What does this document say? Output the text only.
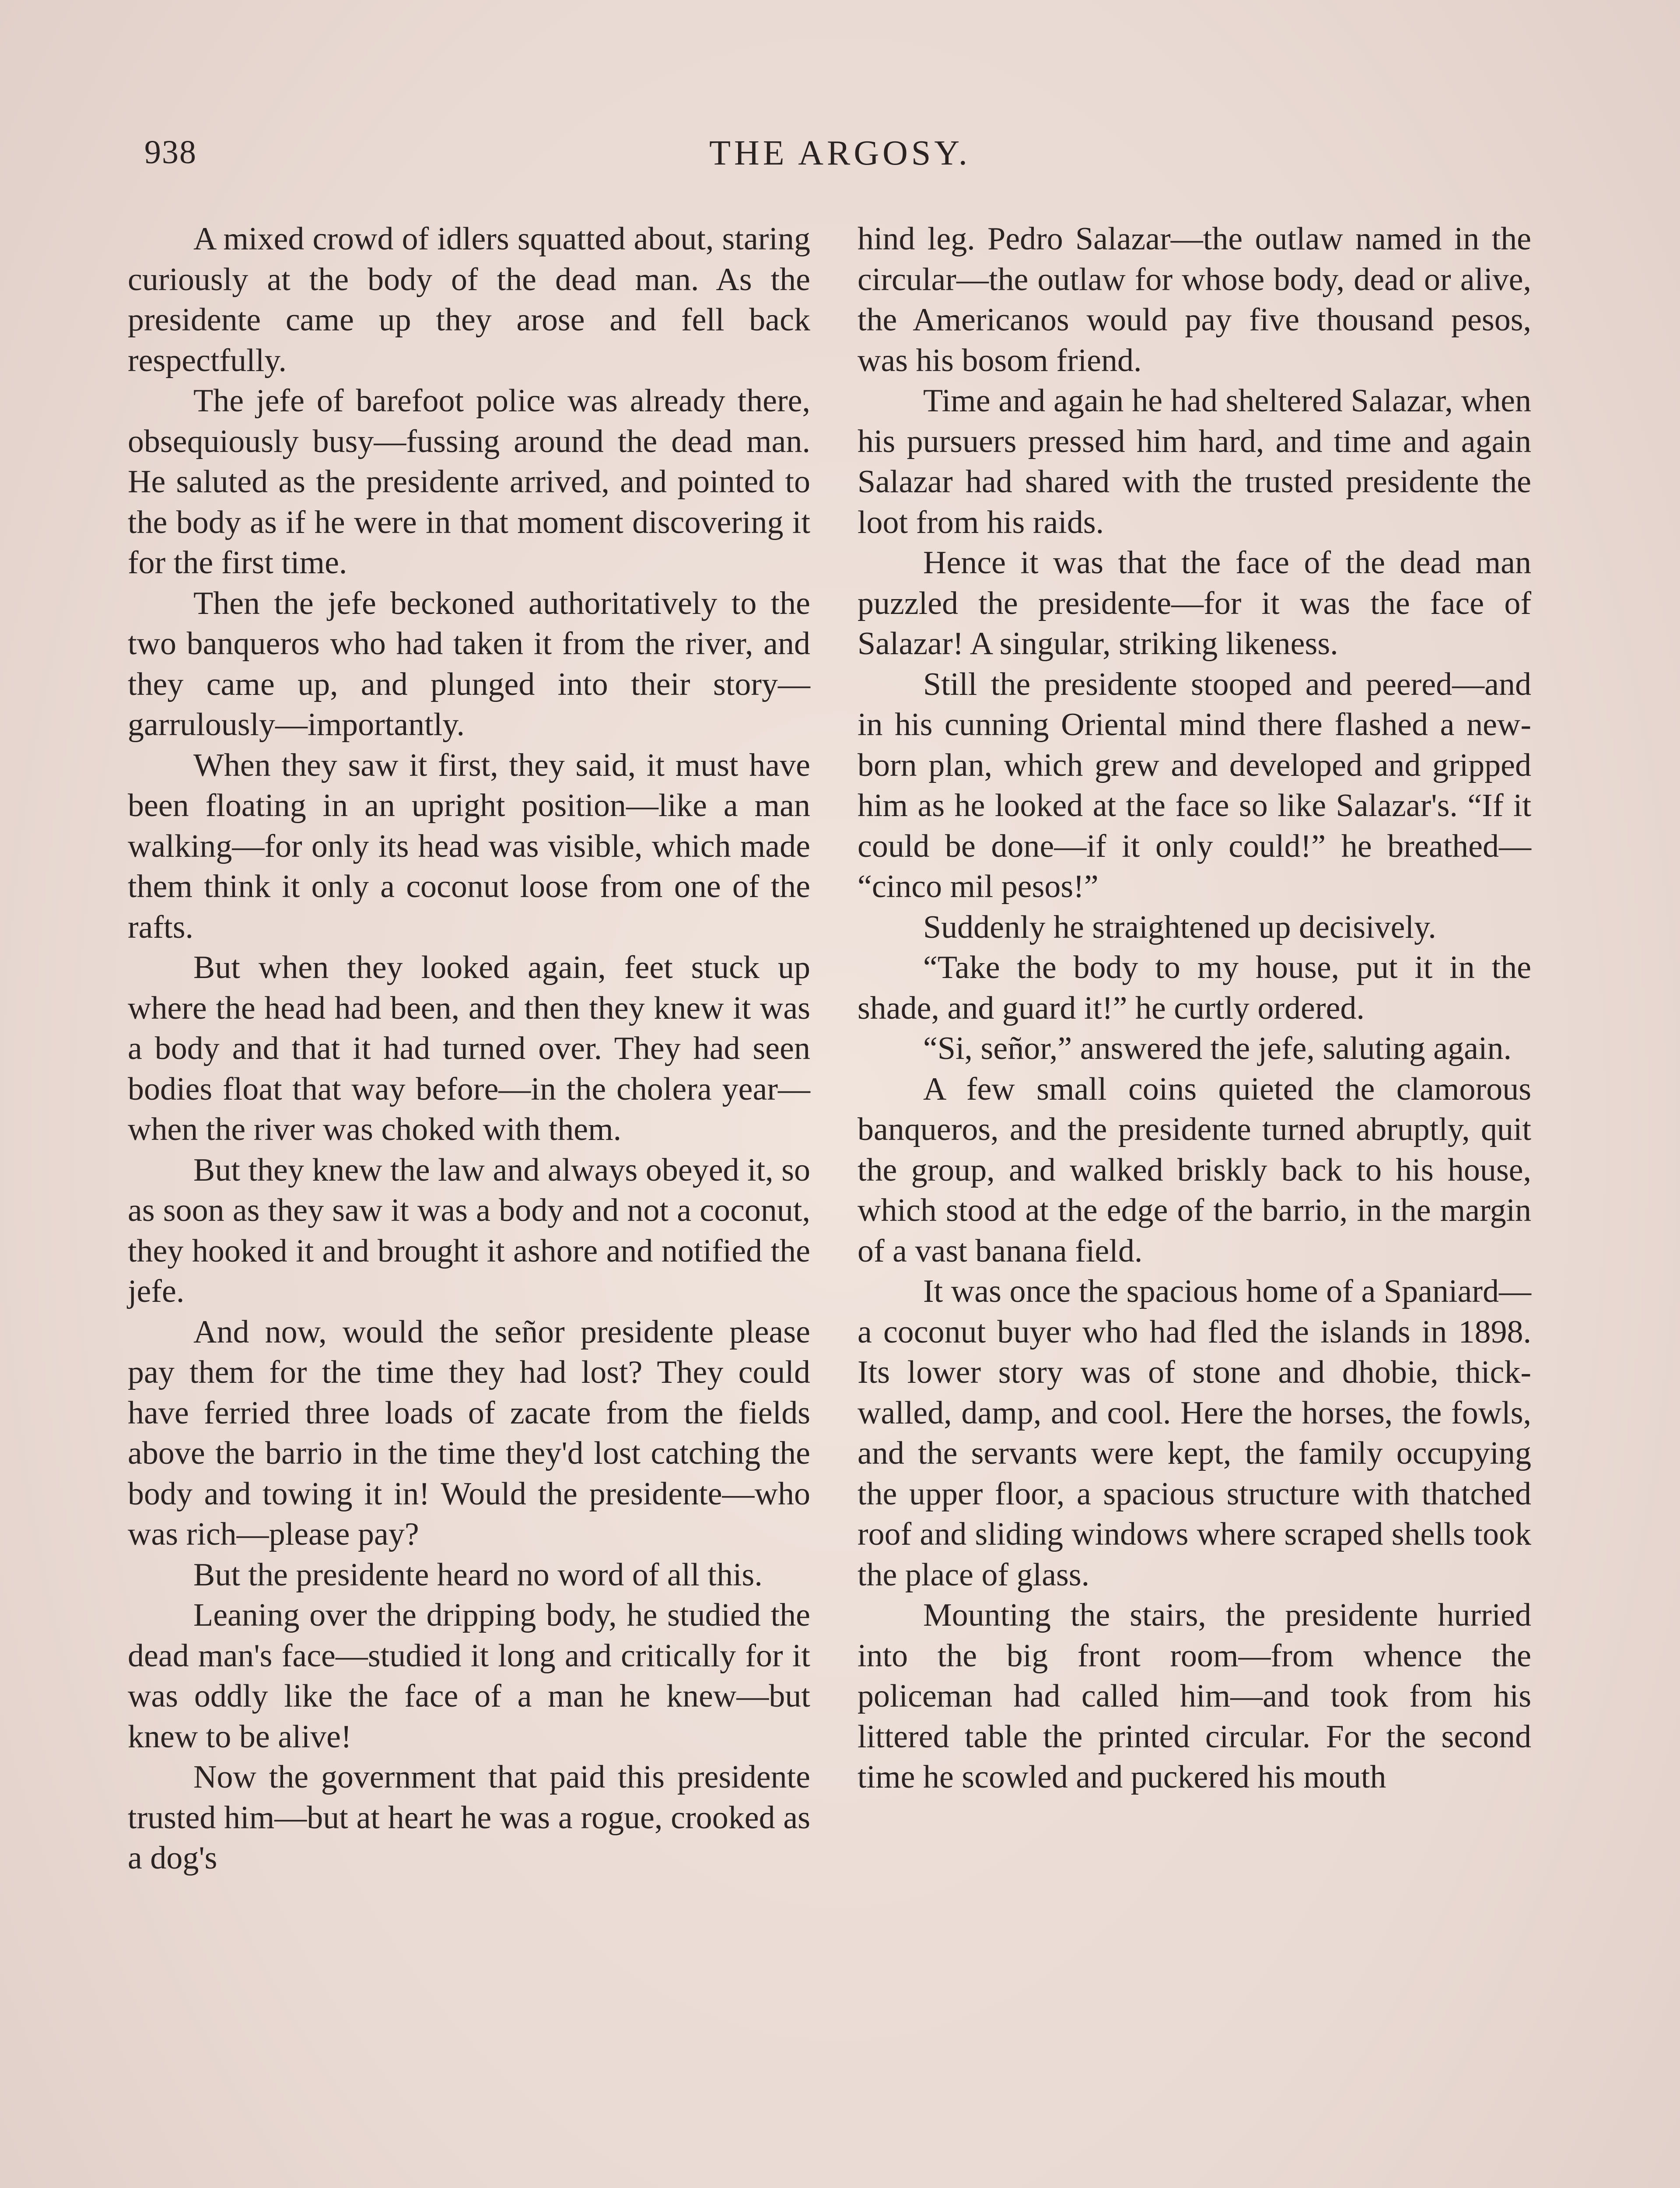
938	THE ARGOSY.

A mixed crowd of idlers squatted about, staring curiously at the body of the dead man. As the presidente came up they arose and fell back respectfully.

The jefe of barefoot police was already there, obsequiously busy—fussing around the dead man. He saluted as the presidente arrived, and pointed to the body as if he were in that moment discovering it for the first time.

Then the jefe beckoned authoritatively to the two banqueros who had taken it from the river, and they came up, and plunged into their story—garrulously—importantly.

When they saw it first, they said, it must have been floating in an upright position—like a man walking—for only its head was visible, which made them think it only a coconut loose from one of the rafts.

But when they looked again, feet stuck up where the head had been, and then they knew it was a body and that it had turned over. They had seen bodies float that way before—in the cholera year—when the river was choked with them.

But they knew the law and always obeyed it, so as soon as they saw it was a body and not a coconut, they hooked it and brought it ashore and notified the jefe.

And now, would the señor presidente please pay them for the time they had lost? They could have ferried three loads of zacate from the fields above the barrio in the time they'd lost catching the body and towing it in! Would the presidente—who was rich—please pay?

But the presidente heard no word of all this.

Leaning over the dripping body, he studied the dead man's face—studied it long and critically for it was oddly like the face of a man he knew—but knew to be alive!

Now the government that paid this presidente trusted him—but at heart he was a rogue, crooked as a dog's

hind leg. Pedro Salazar—the outlaw named in the circular—the outlaw for whose body, dead or alive, the Americanos would pay five thousand pesos, was his bosom friend.

Time and again he had sheltered Salazar, when his pursuers pressed him hard, and time and again Salazar had shared with the trusted presidente the loot from his raids.

Hence it was that the face of the dead man puzzled the presidente—for it was the face of Salazar! A singular, striking likeness.

Still the presidente stooped and peered—and in his cunning Oriental mind there flashed a new-born plan, which grew and developed and gripped him as he looked at the face so like Salazar's. “If it could be done—if it only could!” he breathed— “cinco mil pesos!”

Suddenly he straightened up decisively.

“Take the body to my house, put it in the shade, and guard it!” he curtly ordered.

“Si, señor,” answered the jefe, saluting again.

A few small coins quieted the clamorous banqueros, and the presidente turned abruptly, quit the group, and walked briskly back to his house, which stood at the edge of the barrio, in the margin of a vast banana field.

It was once the spacious home of a Spaniard—a coconut buyer who had fled the islands in 1898. Its lower story was of stone and dhobie, thick-walled, damp, and cool. Here the horses, the fowls, and the servants were kept, the family occupying the upper floor, a spacious structure with thatched roof and sliding windows where scraped shells took the place of glass.

Mounting the stairs, the presidente hurried into the big front room—from whence the policeman had called him—and took from his littered table the printed circular. For the second time he scowled and puckered his mouth
